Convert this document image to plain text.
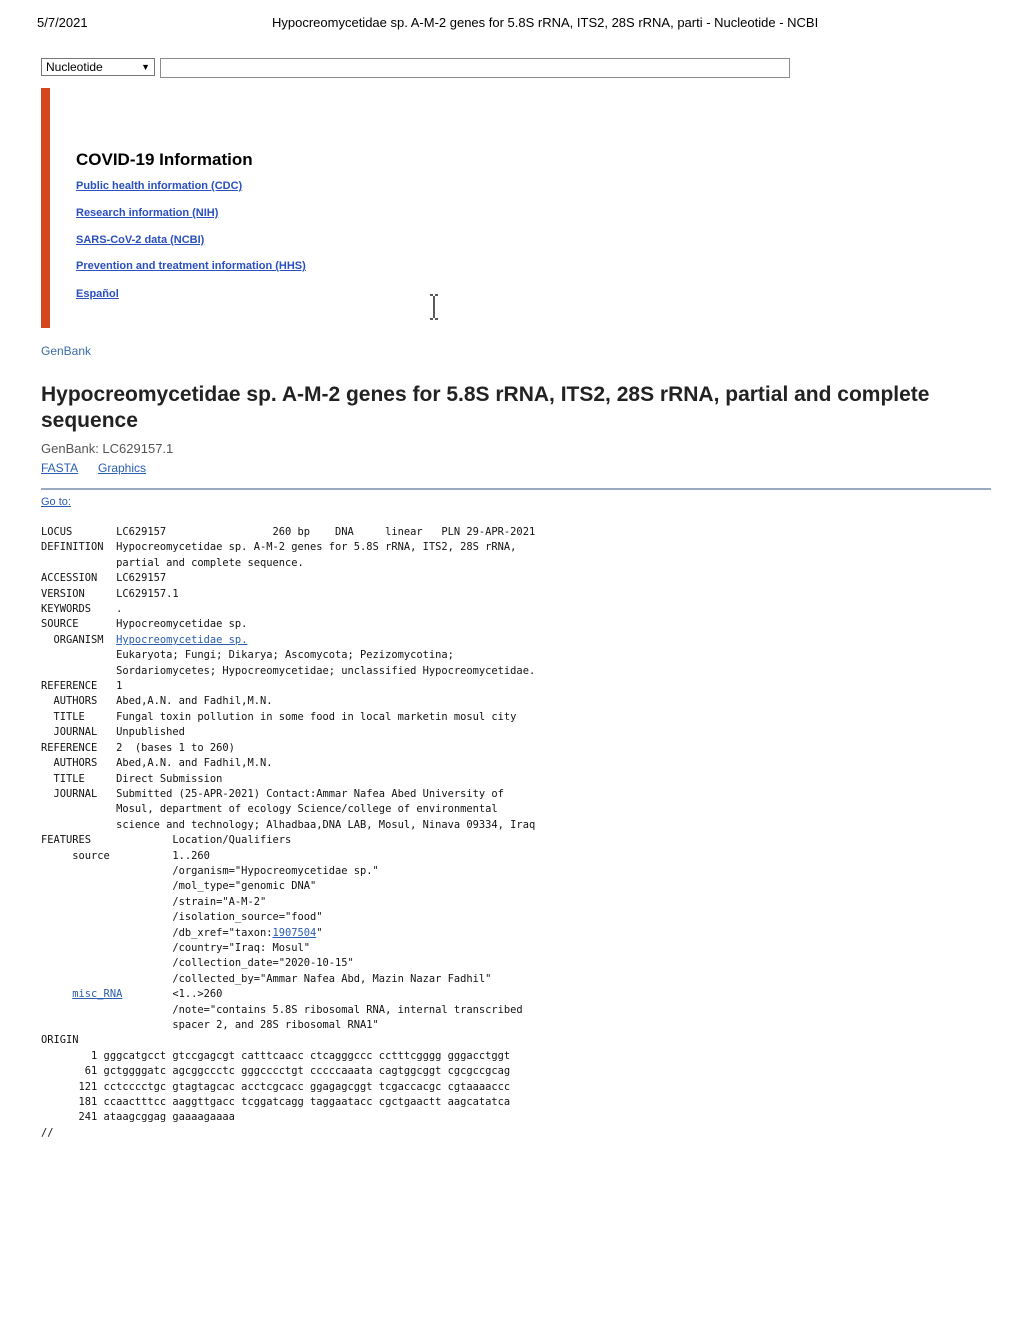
5/7/2021	Hypocreomycetidae sp. A-M-2 genes for 5.8S rRNA, ITS2, 28S rRNA, parti - Nucleotide - NCBI
Nucleotide	▼
COVID-19 Information
Public health information (CDC)
Research information (NIH)
SARS-CoV-2 data (NCBI)
Prevention and treatment information (HHS)
Español
GenBank
Hypocreomycetidae sp. A-M-2 genes for 5.8S rRNA, ITS2, 28S rRNA, partial and complete sequence
GenBank: LC629157.1
FASTA Graphics
Go to:
LOCUS       LC629157                 260 bp    DNA     linear   PLN 29-APR-2021
DEFINITION  Hypocreomycetidae sp. A-M-2 genes for 5.8S rRNA, ITS2, 28S rRNA,
partial and complete sequence.
ACCESSION   LC629157
VERSION     LC629157.1
KEYWORDS    .
SOURCE      Hypocreomycetidae sp.
ORGANISM  Hypocreomycetidae sp.
Eukaryota; Fungi; Dikarya; Ascomycota; Pezizomycotina;
Sordariomycetes; Hypocreomycetidae; unclassified Hypocreomycetidae.
REFERENCE   1
AUTHORS   Abed,A.N. and Fadhil,M.N.
TITLE     Fungal toxin pollution in some food in local marketin mosul city
JOURNAL   Unpublished
REFERENCE   2  (bases 1 to 260)
AUTHORS   Abed,A.N. and Fadhil,M.N.
TITLE     Direct Submission
JOURNAL   Submitted (25-APR-2021) Contact:Ammar Nafea Abed University of
Mosul, department of ecology Science/college of environmental
science and technology; Alhadbaa,DNA LAB, Mosul, Ninava 09334, Iraq
FEATURES             Location/Qualifiers
source          1..260
/organism="Hypocreomycetidae sp."
/mol_type="genomic DNA"
/strain="A-M-2"
/isolation_source="food"
/db_xref="taxon:1907504"
/country="Iraq: Mosul"
/collection_date="2020-10-15"
/collected_by="Ammar Nafea Abd, Mazin Nazar Fadhil"
misc_RNA        <1..>260
/note="contains 5.8S ribosomal RNA, internal transcribed
spacer 2, and 28S ribosomal RNA1"
ORIGIN
1 gggcatgcct gtccgagcgt catttcaacc ctcagggccc cctttcgggg gggacctggt
61 gctggggatc agcggccctc gggcccctgt cccccaaata cagtggcggt cgcgccgcag
121 cctcccctgc gtagtagcac acctcgcacc ggagagcggt tcgaccacgc cgtaaaaccc
181 ccaactttcc aaggttgacc tcggatcagg taggaatacc cgctgaactt aagcatatca
241 ataagcggag gaaaagaaaa
//
